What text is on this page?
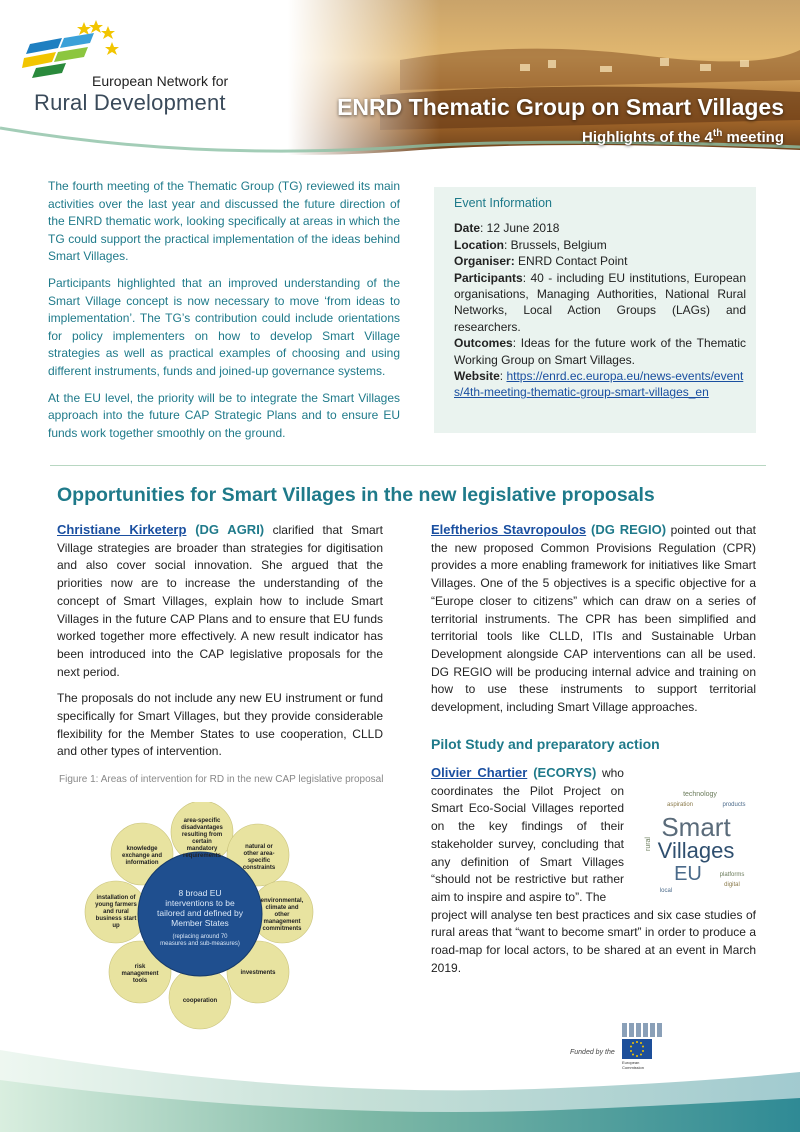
European Network for
Rural Development	ENRD Thematic Group on Smart Villages
Highlights of the 4th meeting

The fourth meeting of the Thematic Group (TG) reviewed its main activities over the last year and discussed the future direction of the ENRD thematic work, looking specifically at areas in which the TG could support the practical implementation of the ideas behind Smart Villages.

Participants highlighted that an improved understanding of the Smart Village concept is now necessary to move ‘from ideas to implementation’. The TG’s contribution could include orientations for policy implementers on how to develop Smart Village strategies as well as practical examples of choosing and using different instruments, funds and joined-up governance systems.

At the EU level, the priority will be to integrate the Smart Villages approach into the future CAP Strategic Plans and to ensure EU funds work together smoothly on the ground.

Event Information
Date: 12 June 2018
Location: Brussels, Belgium
Organiser: ENRD Contact Point
Participants: 40 - including EU institutions, European organisations, Managing Authorities, National Rural Networks, Local Action Groups (LAGs) and researchers.
Outcomes: Ideas for the future work of the Thematic Working Group on Smart Villages.
Website: https://enrd.ec.europa.eu/news-events/events/4th-meeting-thematic-group-smart-villages_en
Opportunities for Smart Villages in the new legislative proposals

Christiane Kirketerp (DG AGRI) clarified that Smart Village strategies are broader than strategies for digitisation and also cover social innovation. She argued that the priorities now are to increase the understanding of the concept of Smart Villages, explain how to include Smart Villages in the future CAP Plans and to ensure that EU funds worked together more effectively. A new result indicator has been introduced into the CAP legislative proposals for the next period.

The proposals do not include any new EU instrument or fund specifically for Smart Villages, but they provide considerable flexibility for the Member States to use cooperation, CLLD and other types of intervention.

Figure 1: Areas of intervention for RD in the new CAP legislative proposal
area-specific disadvantages resulting from certain mandatory requirements
natural or other area-specific constraints
environmental, climate and other management commitments
investments
cooperation
risk management tools
installation of young farmers and rural business start up
knowledge exchange and information
8 broad EU interventions to be tailored and defined by Member States
(replacing around 70 measures and sub-measures)

Eleftherios Stavropoulos (DG REGIO) pointed out that the new proposed Common Provisions Regulation (CPR) provides a more enabling framework for initiatives like Smart Villages. One of the 5 objectives is a specific objective for a “Europe closer to citizens” which can draw on a series of territorial instruments. The CPR has been simplified and territorial tools like CLLD, ITIs and Sustainable Urban Development alongside CAP interventions can all be used. DG REGIO will be producing internal advice and training on how to use these instruments to support territorial development, including Smart Village approaches.

Pilot Study and preparatory action
Olivier Chartier (ECORYS) who coordinates the Pilot Project on Smart Eco-Social Villages reported on the key findings of their stakeholder survey, concluding that any definition of Smart Villages “should not be restrictive but rather aim to inspire and aspire to”. The
project will analyse ten best practices and six case studies of rural areas that “want to become smart” in order to produce a road-map for local actors, to be shared at an event in March 2019.
technology
products
aspiration
Smart
Villages
EU	platforms
digital
rural
local
Funded by the
European
Commission
